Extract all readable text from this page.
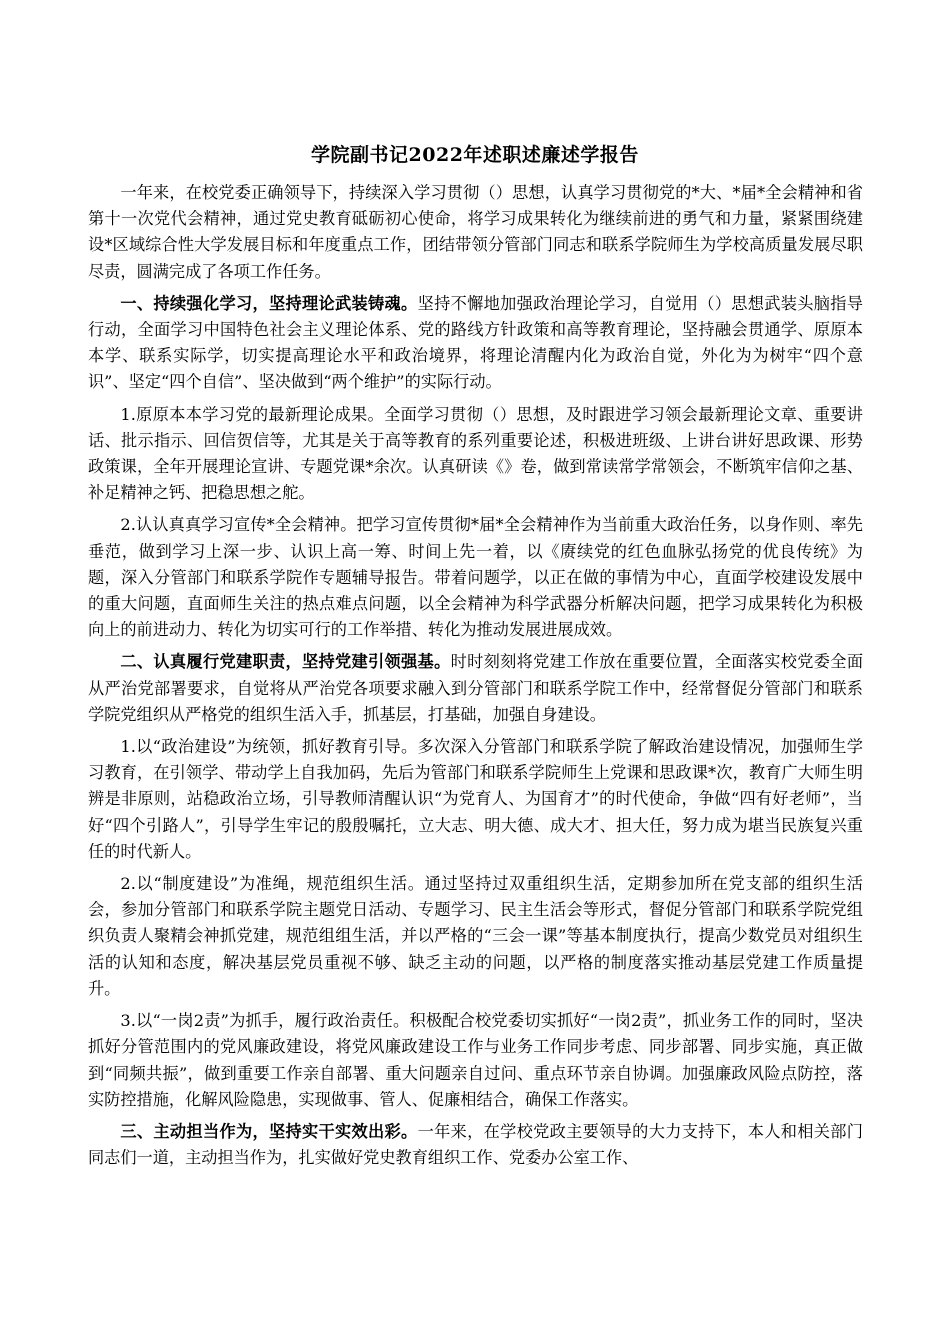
学院副书记2022年述职述廉述学报告

一年来，在校党委正确领导下，持续深入学习贯彻（）思想，认真学习贯彻党的*大、*届*全会精神和省第十一次党代会精神，通过党史教育砥砺初心使命，将学习成果转化为继续前进的勇气和力量，紧紧围绕建设*区域综合性大学发展目标和年度重点工作，团结带领分管部门同志和联系学院师生为学校高质量发展尽职尽责，圆满完成了各项工作任务。

一、持续强化学习，坚持理论武装铸魂。坚持不懈地加强政治理论学习，自觉用（）思想武装头脑指导行动，全面学习中国特色社会主义理论体系、党的路线方针政策和高等教育理论，坚持融会贯通学、原原本本学、联系实际学，切实提高理论水平和政治境界，将理论清醒内化为政治自觉，外化为为树牢“四个意识”、坚定“四个自信”、坚决做到“两个维护”的实际行动。

1.原原本本学习党的最新理论成果。全面学习贯彻（）思想，及时跟进学习领会最新理论文章、重要讲话、批示指示、回信贺信等，尤其是关于高等教育的系列重要论述，积极进班级、上讲台讲好思政课、形势政策课，全年开展理论宣讲、专题党课*余次。认真研读《》卷，做到常读常学常领会，不断筑牢信仰之基、补足精神之钙、把稳思想之舵。

2.认认真真学习宣传*全会精神。把学习宣传贯彻*届*全会精神作为当前重大政治任务，以身作则、率先垂范，做到学习上深一步、认识上高一筹、时间上先一着，以《赓续党的红色血脉弘扬党的优良传统》为题，深入分管部门和联系学院作专题辅导报告。带着问题学，以正在做的事情为中心，直面学校建设发展中的重大问题，直面师生关注的热点难点问题，以全会精神为科学武器分析解决问题，把学习成果转化为积极向上的前进动力、转化为切实可行的工作举措、转化为推动发展进展成效。

二、认真履行党建职责，坚持党建引领强基。时时刻刻将党建工作放在重要位置，全面落实校党委全面从严治党部署要求，自觉将从严治党各项要求融入到分管部门和联系学院工作中，经常督促分管部门和联系学院党组织从严格党的组织生活入手，抓基层，打基础，加强自身建设。

1.以“政治建设”为统领，抓好教育引导。多次深入分管部门和联系学院了解政治建设情况，加强师生学习教育，在引领学、带动学上自我加码，先后为管部门和联系学院师生上党课和思政课*次，教育广大师生明辨是非原则，站稳政治立场，引导教师清醒认识“为党育人、为国育才”的时代使命，争做“四有好老师”，当好“四个引路人”，引导学生牢记的殷殷嘱托，立大志、明大德、成大才、担大任，努力成为堪当民族复兴重任的时代新人。

2.以“制度建设”为准绳，规范组织生活。通过坚持过双重组织生活，定期参加所在党支部的组织生活会，参加分管部门和联系学院主题党日活动、专题学习、民主生活会等形式，督促分管部门和联系学院党组织负责人聚精会神抓党建，规范组组生活，并以严格的“三会一课”等基本制度执行，提高少数党员对组织生活的认知和态度，解决基层党员重视不够、缺乏主动的问题，以严格的制度落实推动基层党建工作质量提升。

3.以“一岗2责”为抓手，履行政治责任。积极配合校党委切实抓好“一岗2责”，抓业务工作的同时，坚决抓好分管范围内的党风廉政建设，将党风廉政建设工作与业务工作同步考虑、同步部署、同步实施，真正做到“同频共振”，做到重要工作亲自部署、重大问题亲自过问、重点环节亲自协调。加强廉政风险点防控，落实防控措施，化解风险隐患，实现做事、管人、促廉相结合，确保工作落实。

三、主动担当作为，坚持实干实效出彩。一年来，在学校党政主要领导的大力支持下，本人和相关部门同志们一道，主动担当作为，扎实做好党史教育组织工作、党委办公室工作、
